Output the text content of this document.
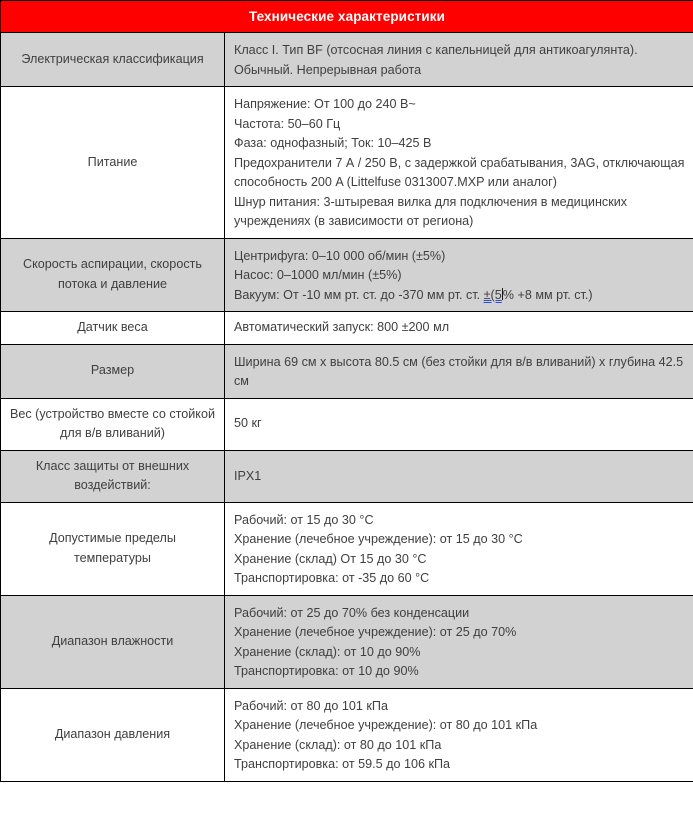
Технические характеристики	
Электрическая классификация	Класс I. Тип BF (отсосная линия с капельницей для антикоагулянта). Обычный. Непрерывная работа

Питание	Напряжение: От 100 до 240 В~
Частота: 50–60 Гц
Фаза: однофазный; Ток: 10–425 В
Предохранители 7 А / 250 В, с задержкой срабатывания, 3AG, отключающая способность 200 A (Littelfuse 0313007.MXP или аналог)
Шнур питания: 3-штыревая вилка для подключения в медицинских учреждениях (в зависимости от региона)

Скорость аспирации, скорость потока и давление	Центрифуга: 0–10 000 об/мин (±5%)
Насос: 0–1000 мл/мин (±5%)
Вакуум: От -10 мм рт. ст. до -370 мм рт. ст. ±(5% +8 мм рт. ст.)

Датчик веса	Автоматический запуск: 800 ±200 мл

Размер	Ширина 69 см х высота 80.5 см (без стойки для в/в вливаний) х глубина 42.5 см

Вес (устройство вместе со стойкой для в/в вливаний)	50 кг

Класс защиты от внешних воздействий:	IPX1

Допустимые пределы температуры	Рабочий: от 15 до 30 °C
Хранение (лечебное учреждение): от 15 до 30 °C
Хранение (склад) От 15 до 30 °C
Транспортировка: от -35 до 60 °C

Диапазон влажности	Рабочий: от 25 до 70% без конденсации
Хранение (лечебное учреждение): от 25 до 70%
Хранение (склад): от 10 до 90%
Транспортировка: от 10 до 90%

Диапазон давления	Рабочий: от 80 до 101 кПа
Хранение (лечебное учреждение): от 80 до 101 кПа
Хранение (склад): от 80 до 101 кПа
Транспортировка: от 59.5 до 106 кПа
